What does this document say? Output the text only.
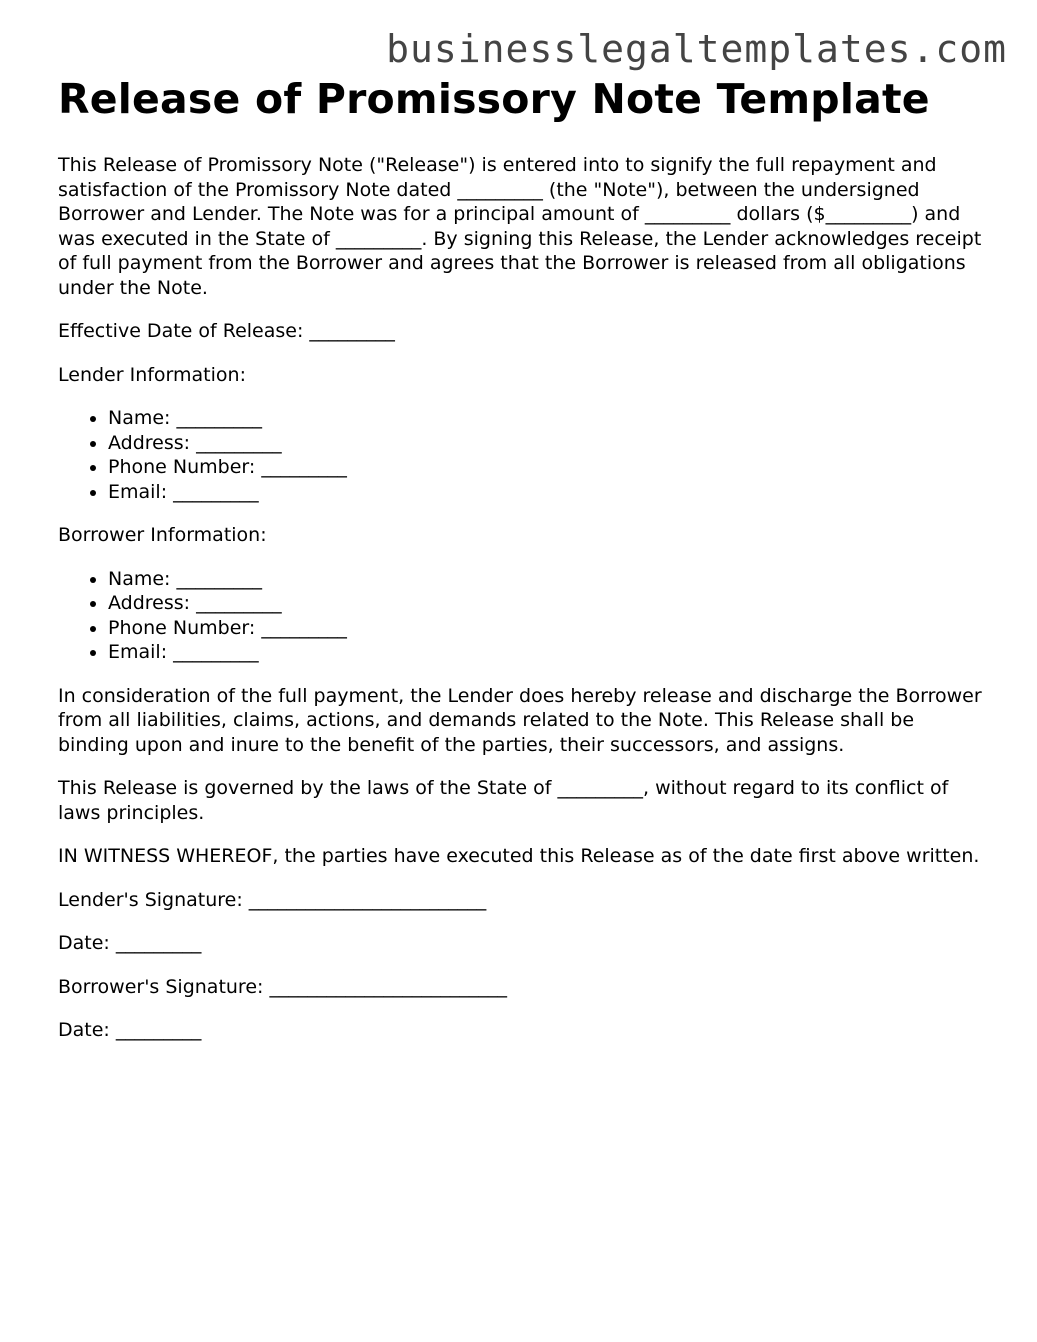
businesslegaltemplates.com
Release of Promissory Note Template

This Release of Promissory Note ("Release") is entered into to signify the full repayment and satisfaction of the Promissory Note dated _________ (the "Note"), between the undersigned Borrower and Lender. The Note was for a principal amount of _________ dollars ($_________) and was executed in the State of _________. By signing this Release, the Lender acknowledges receipt of full payment from the Borrower and agrees that the Borrower is released from all obligations under the Note.

Effective Date of Release: _________

Lender Information:

• Name: _________
• Address: _________
• Phone Number: _________
• Email: _________

Borrower Information:

• Name: _________
• Address: _________
• Phone Number: _________
• Email: _________

In consideration of the full payment, the Lender does hereby release and discharge the Borrower from all liabilities, claims, actions, and demands related to the Note. This Release shall be binding upon and inure to the benefit of the parties, their successors, and assigns.

This Release is governed by the laws of the State of _________, without regard to its conflict of laws principles.

IN WITNESS WHEREOF, the parties have executed this Release as of the date first above written.

Lender's Signature: _________________________

Date: _________

Borrower's Signature: _________________________

Date: _________
